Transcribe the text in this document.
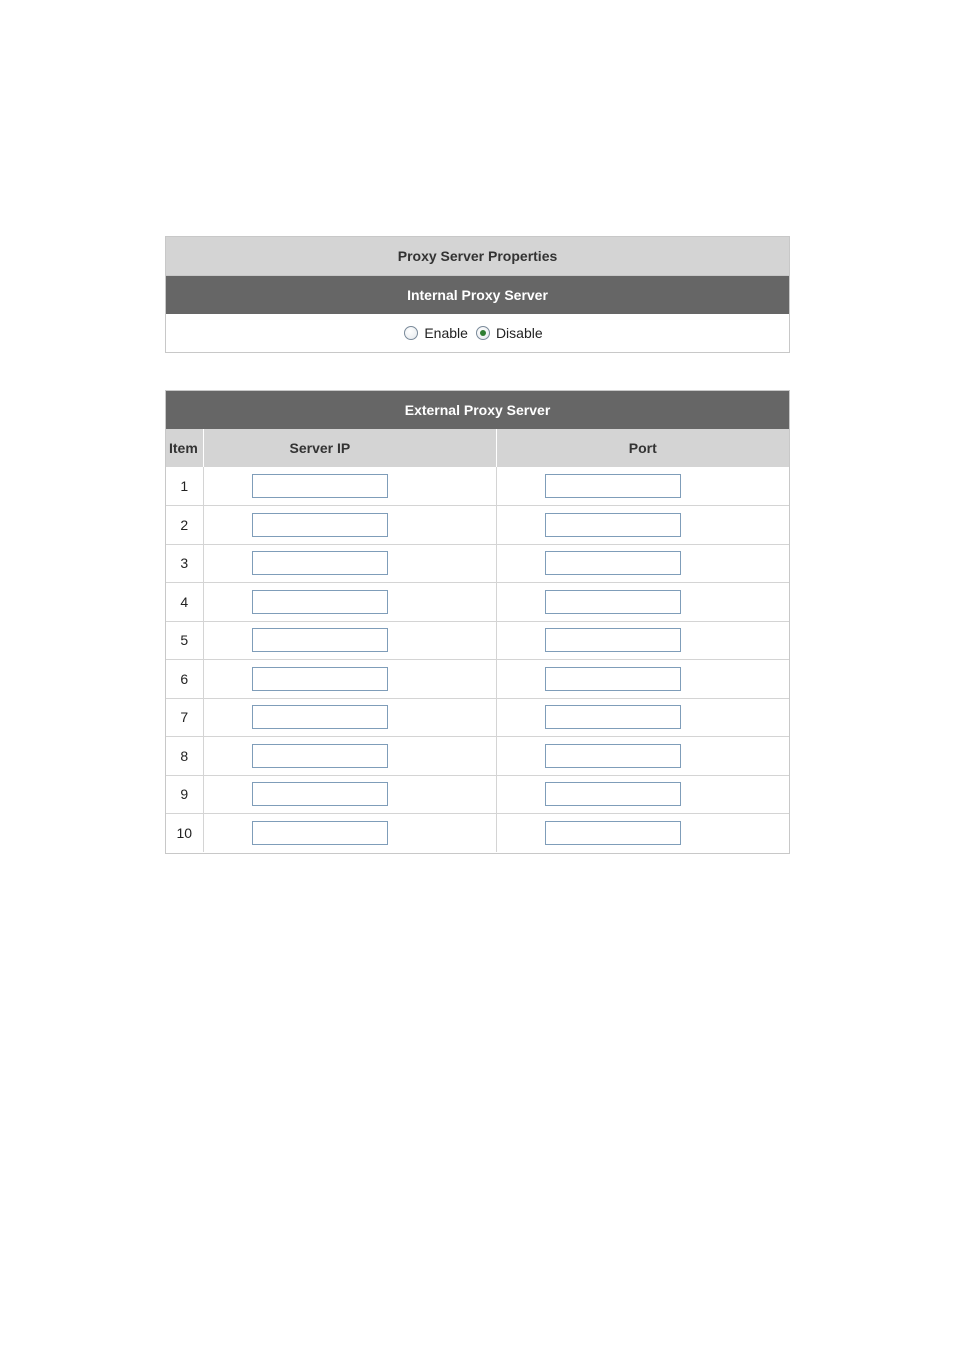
Proxy Server Properties
Internal Proxy Server
Enable Disable
External Proxy Server
Item	Server IP	Port
1	

2	

3	

4	

5	

6	

7	

8	

9	

10	
